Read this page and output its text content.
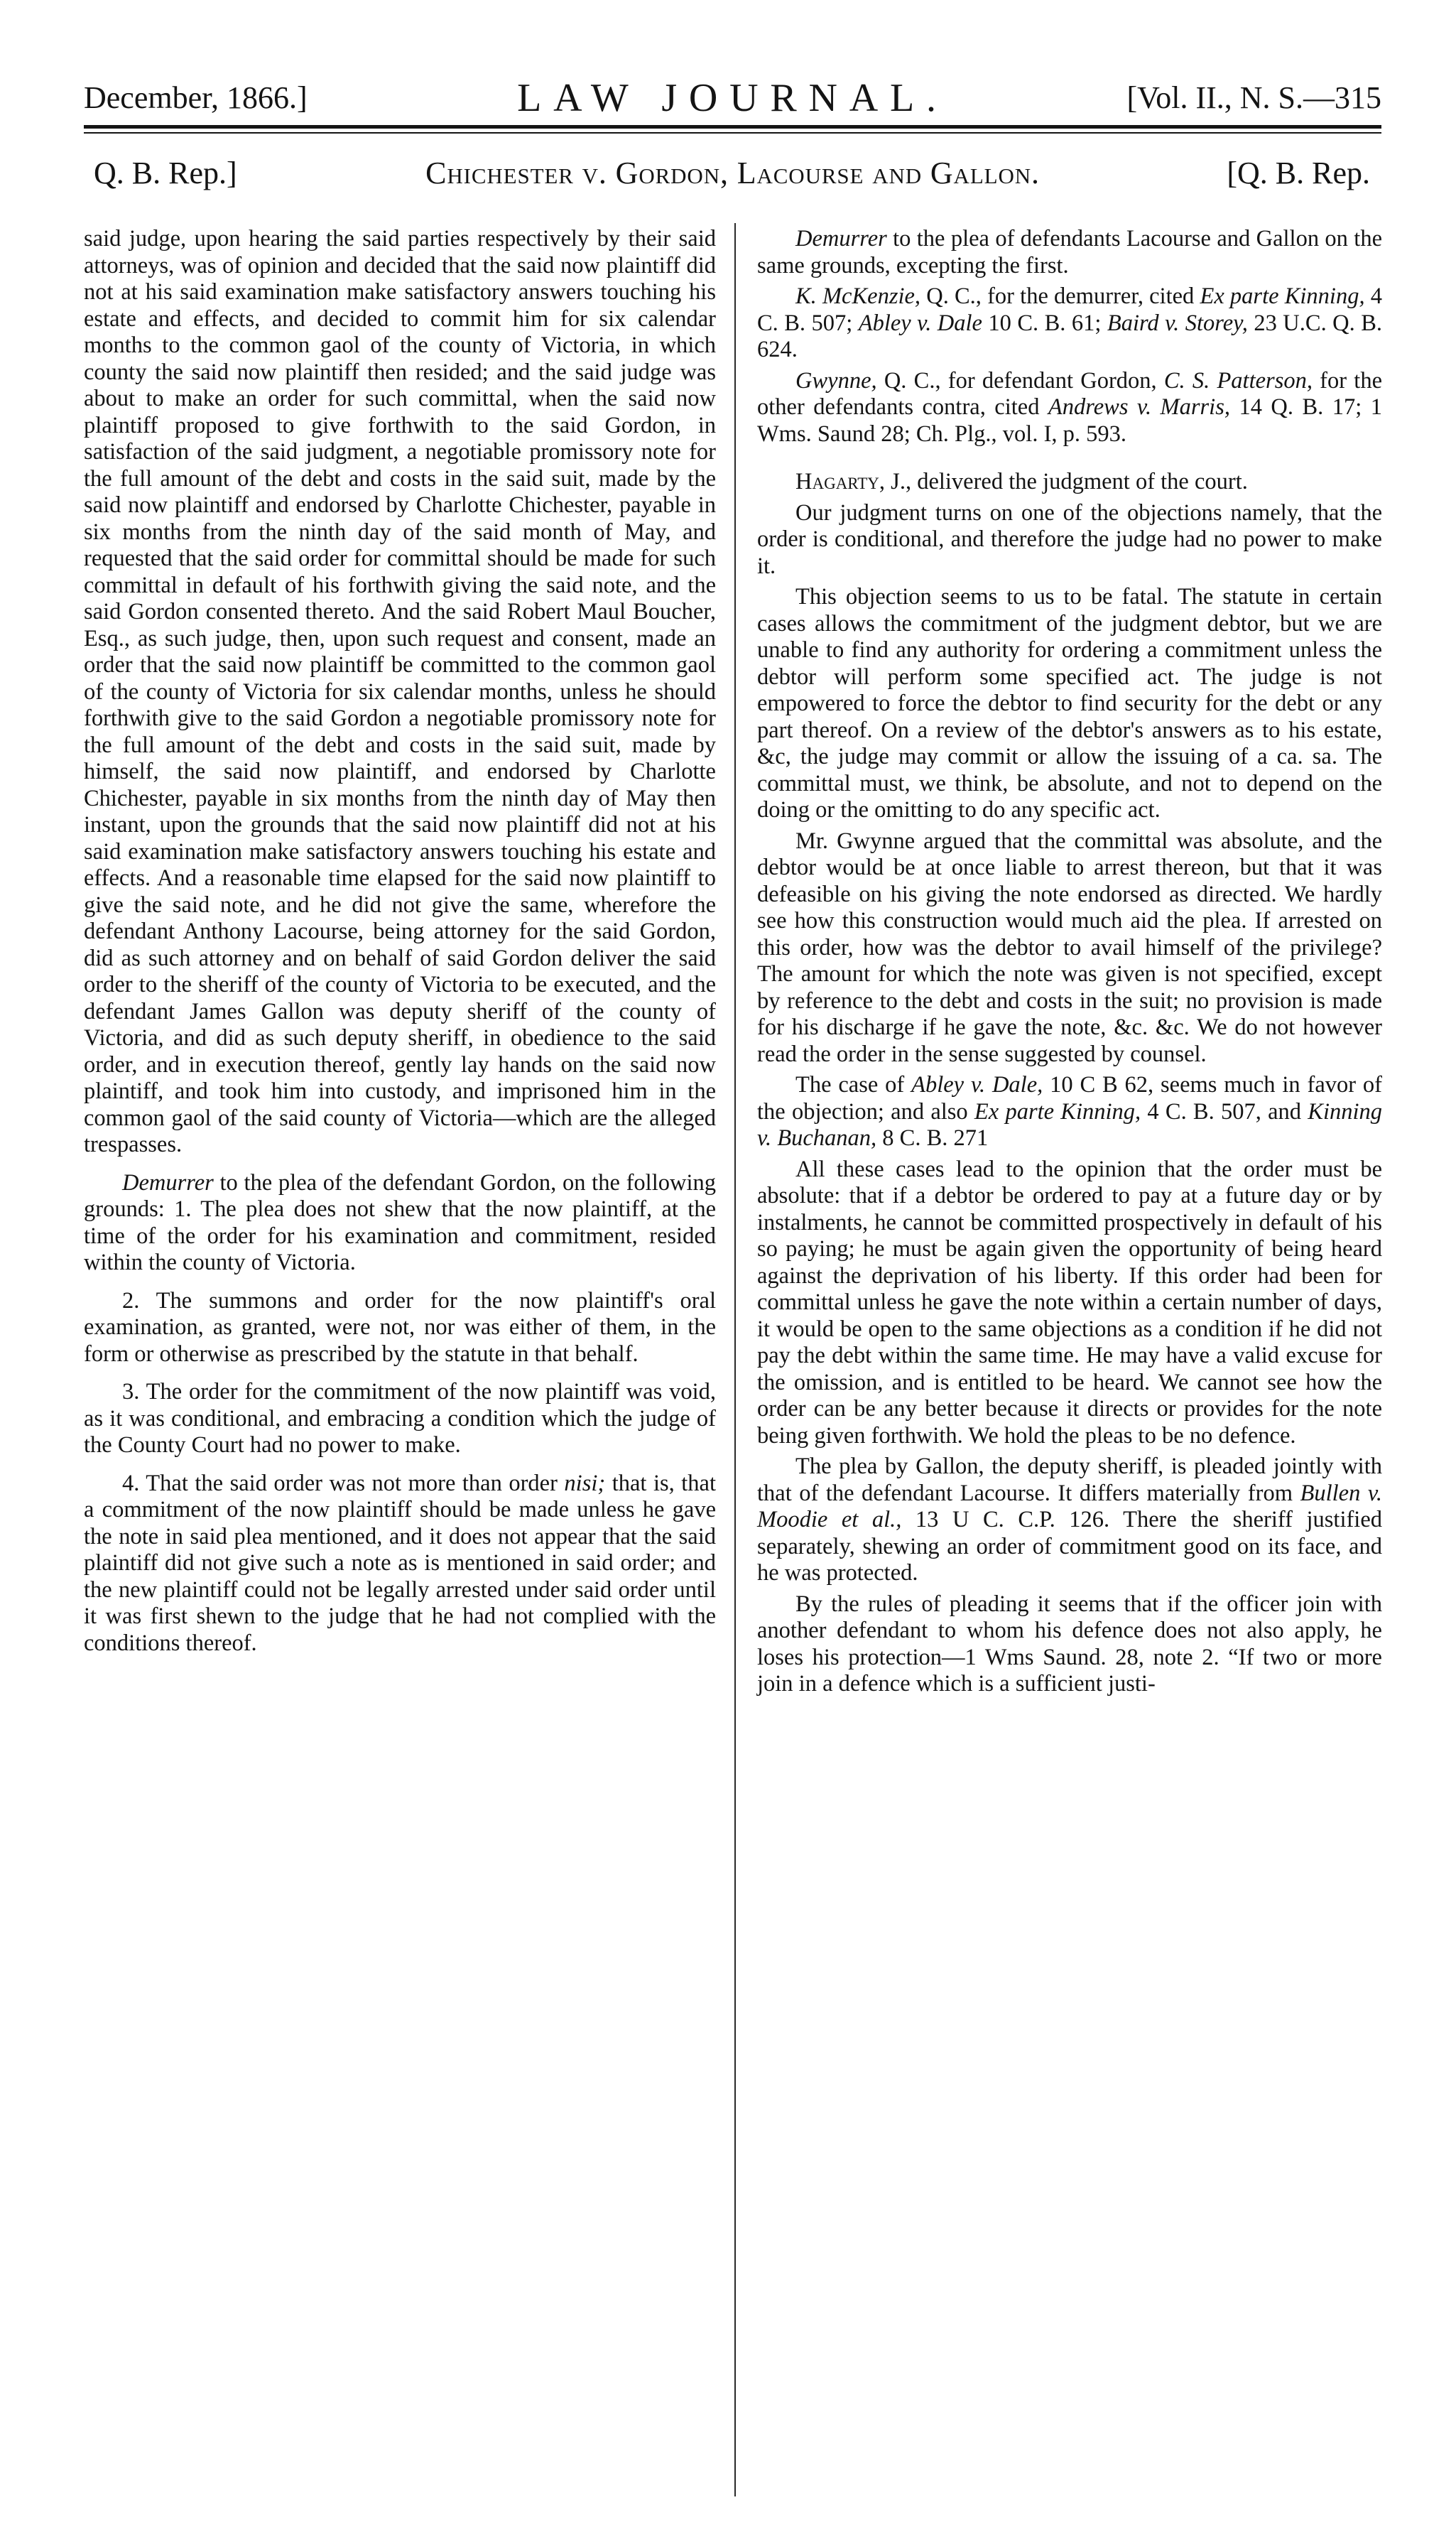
December, 1866.]	LAW JOURNAL.	[Vol. II., N. S.—315
Q. B. Rep.]	Chichester v. Gordon, Lacourse and Gallon.	[Q. B. Rep.

said judge, upon hearing the said parties respectively by their said attorneys, was of opinion and decided that the said now plaintiff did not at his said examination make satisfactory answers touching his estate and effects, and decided to commit him for six calendar months to the common gaol of the county of Victoria, in which county the said now plaintiff then resided; and the said judge was about to make an order for such committal, when the said now plaintiff proposed to give forthwith to the said Gordon, in satisfaction of the said judgment, a negotiable promissory note for the full amount of the debt and costs in the said suit, made by the said now plaintiff and endorsed by Charlotte Chichester, payable in six months from the ninth day of the said month of May, and requested that the said order for committal should be made for such committal in default of his forthwith giving the said note, and the said Gordon consented thereto. And the said Robert Maul Boucher, Esq., as such judge, then, upon such request and consent, made an order that the said now plaintiff be committed to the common gaol of the county of Victoria for six calendar months, unless he should forthwith give to the said Gordon a negotiable promissory note for the full amount of the debt and costs in the said suit, made by himself, the said now plaintiff, and endorsed by Charlotte Chichester, payable in six months from the ninth day of May then instant, upon the grounds that the said now plaintiff did not at his said examination make satisfactory answers touching his estate and effects. And a reasonable time elapsed for the said now plaintiff to give the said note, and he did not give the same, wherefore the defendant Anthony Lacourse, being attorney for the said Gordon, did as such attorney and on behalf of said Gordon deliver the said order to the sheriff of the county of Victoria to be executed, and the defendant James Gallon was deputy sheriff of the county of Victoria, and did as such deputy sheriff, in obedience to the said order, and in execution thereof, gently lay hands on the said now plaintiff, and took him into custody, and imprisoned him in the common gaol of the said county of Victoria—which are the alleged trespasses.

Demurrer to the plea of the defendant Gordon, on the following grounds: 1. The plea does not shew that the now plaintiff, at the time of the order for his examination and commitment, resided within the county of Victoria.

2. The summons and order for the now plaintiff's oral examination, as granted, were not, nor was either of them, in the form or otherwise as prescribed by the statute in that behalf.

3. The order for the commitment of the now plaintiff was void, as it was conditional, and embracing a condition which the judge of the County Court had no power to make.

4. That the said order was not more than order nisi; that is, that a commitment of the now plaintiff should be made unless he gave the note in said plea mentioned, and it does not appear that the said plaintiff did not give such a note as is mentioned in said order; and the new plaintiff could not be legally arrested under said order until it was first shewn to the judge that he had not complied with the conditions thereof.

Demurrer to the plea of defendants Lacourse and Gallon on the same grounds, excepting the first.

K. McKenzie, Q. C., for the demurrer, cited Ex parte Kinning, 4 C. B. 507; Abley v. Dale 10 C. B. 61; Baird v. Storey, 23 U.C. Q. B. 624.

Gwynne, Q. C., for defendant Gordon, C. S. Patterson, for the other defendants contra, cited Andrews v. Marris, 14 Q. B. 17; 1 Wms. Saund 28; Ch. Plg., vol. I, p. 593.

Hagarty, J., delivered the judgment of the court.

Our judgment turns on one of the objections namely, that the order is conditional, and therefore the judge had no power to make it.

This objection seems to us to be fatal. The statute in certain cases allows the commitment of the judgment debtor, but we are unable to find any authority for ordering a commitment unless the debtor will perform some specified act. The judge is not empowered to force the debtor to find security for the debt or any part thereof. On a review of the debtor's answers as to his estate, &c, the judge may commit or allow the issuing of a ca. sa. The committal must, we think, be absolute, and not to depend on the doing or the omitting to do any specific act.

Mr. Gwynne argued that the committal was absolute, and the debtor would be at once liable to arrest thereon, but that it was defeasible on his giving the note endorsed as directed. We hardly see how this construction would much aid the plea. If arrested on this order, how was the debtor to avail himself of the privilege? The amount for which the note was given is not specified, except by reference to the debt and costs in the suit; no provision is made for his discharge if he gave the note, &c. &c. We do not however read the order in the sense suggested by counsel.

The case of Abley v. Dale, 10 C B 62, seems much in favor of the objection; and also Ex parte Kinning, 4 C. B. 507, and Kinning v. Buchanan, 8 C. B. 271

All these cases lead to the opinion that the order must be absolute: that if a debtor be ordered to pay at a future day or by instalments, he cannot be committed prospectively in default of his so paying; he must be again given the opportunity of being heard against the deprivation of his liberty. If this order had been for committal unless he gave the note within a certain number of days, it would be open to the same objections as a condition if he did not pay the debt within the same time. He may have a valid excuse for the omission, and is entitled to be heard. We cannot see how the order can be any better because it directs or provides for the note being given forthwith. We hold the pleas to be no defence.

The plea by Gallon, the deputy sheriff, is pleaded jointly with that of the defendant Lacourse. It differs materially from Bullen v. Moodie et al., 13 U C. C.P. 126. There the sheriff justified separately, shewing an order of commitment good on its face, and he was protected.

By the rules of pleading it seems that if the officer join with another defendant to whom his defence does not also apply, he loses his protection—1 Wms Saund. 28, note 2. “If two or more join in a defence which is a sufficient justi-
